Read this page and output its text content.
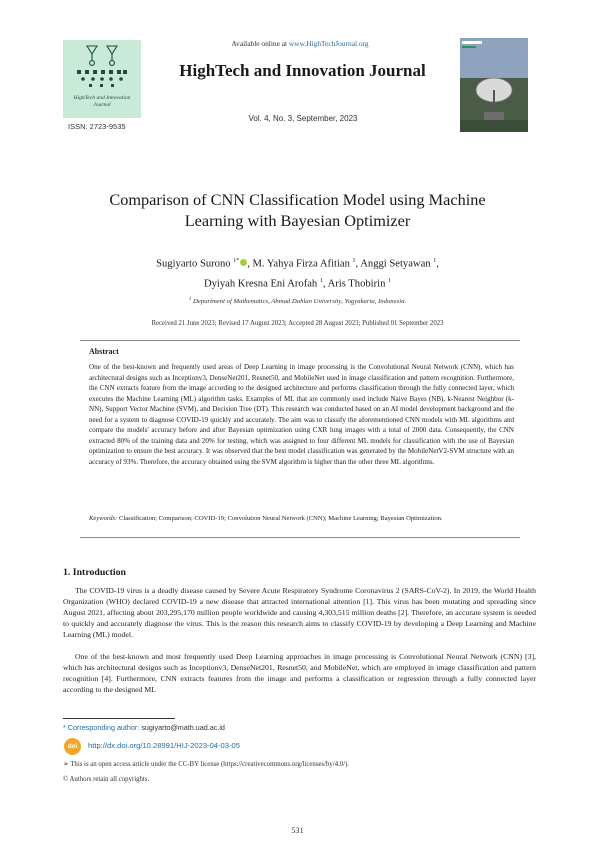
HighTech and Innovation
Journal
ISSN: 2723-9535
Available online at www.HighTechJournal.org
HighTech and Innovation Journal
Vol. 4, No. 3, September, 2023
Comparison of CNN Classification Model using Machine Learning with Bayesian Optimizer
Sugiyarto Surono $^{1*}$ , M. Yahya Firza Afitian $^1$, Anggi Setyawan $^1$,
Dyiyah Kresna Eni Arofah $^1$, Aris Thobirin $^1$
$^1$ Department of Mathematics, Ahmad Dahlan University, Yogyakarta, Indonesia.
Received 21 June 2023; Revised 17 August 2023; Accepted 28 August 2023; Published 01 September 2023
Abstract
One of the best-known and frequently used areas of Deep Learning in image processing is the Convolutional Neural Network (CNN), which has architectural designs such as Inceptionv3, DenseNet201, Resnet50, and MobileNet used in image classification and pattern recognition. Furthermore, the CNN extracts feature from the image according to the designed architecture and performs classification through the fully connected layer, which executes the Machine Learning (ML) algorithm tasks. Examples of ML that are commonly used include Naive Bayes (NB), k-Nearest Neighbor (k-NN), Support Vector Machine (SVM), and Decision Tree (DT). This research was conducted based on an AI model development background and the need for a system to diagnose COVID-19 quickly and accurately. The aim was to classify the aforementioned CNN models with ML algorithms and compare the models' accuracy before and after Bayesian optimization using CXR lung images with a total of 2000 data. Consequently, the CNN extracted 80% of the training data and 20% for testing, which was assigned to four different ML models for classification with the use of Bayesian optimization to ensure the best accuracy. It was observed that the best model classification was generated by the MobileNetV2-SVM structure with an accuracy of 93%. Therefore, the accuracy obtained using the SVM algorithm is higher than the other three ML algorithms.
Keywords: Classification; Comparison; COVID-19; Convolution Neural Network (CNN); Machine Learning; Bayesian Optimization.
1. Introduction
The COVID-19 virus is a deadly disease caused by Severe Acute Respiratory Syndrome Coronavirus 2 (SARS-CoV-2). In 2019, the World Health Organization (WHO) declared COVID-19 a new disease that attracted international attention [1]. This virus has been mutating and spreading since August 2021, affecting about 203,295,170 million people worldwide and causing 4,303,515 million deaths [2]. Therefore, an accurate system is needed to quickly and accurately diagnose the virus. This is the reason this research aims to classify COVID-19 by developing a Deep Learning and Machine Learning (ML) model.
One of the best-known and most frequently used Deep Learning approaches in image processing is Convolutional Neural Network (CNN) [3], which has architectural designs such as Inceptionv3, DenseNet201, Resnet50, and MobileNet, which are employed in image classification and pattern recognition [4]. Furthermore, CNN extracts features from the image and performs a classification or regression through a fully connected layer according to the designed ML
* Corresponding author: sugiyarto@math.uad.ac.id
doi	http://dx.doi.org/10.28991/HIJ-2023-04-03-05
➢ This is an open access article under the CC-BY license (https://creativecommons.org/licenses/by/4.0/).
© Authors retain all copyrights.
531
